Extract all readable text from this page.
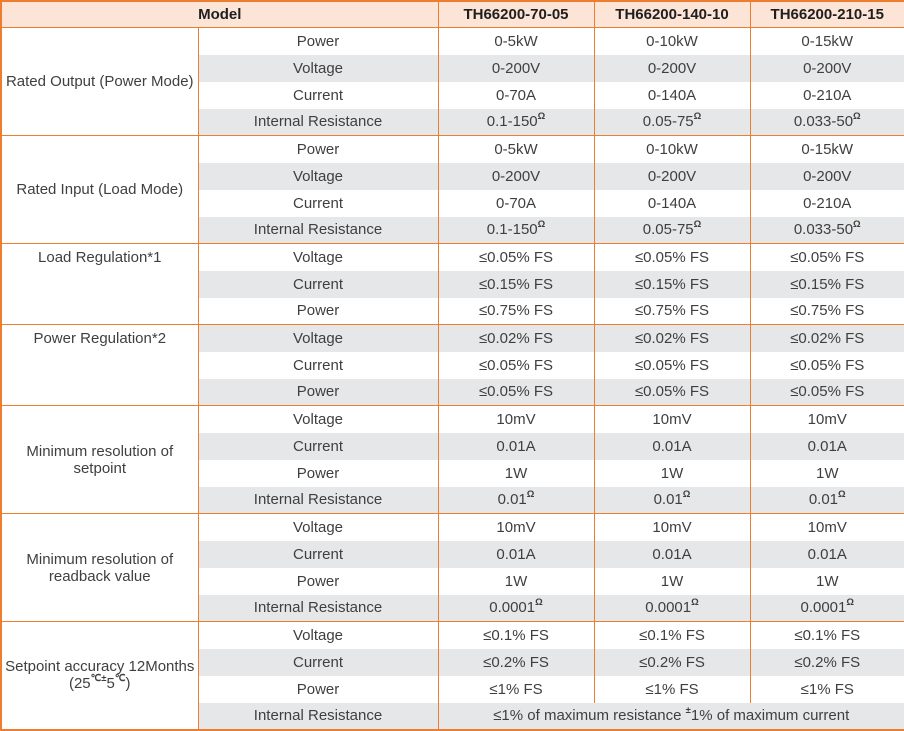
Model		TH66200-70-05	TH66200-140-10	TH66200-210-15
Rated Output (Power Mode)	Power	0-5kW	0-10kW	0-15kW
	Voltage	0-200V	0-200V	0-200V
	Current	0-70A	0-140A	0-210A
	Internal Resistance	$0.1-150^\Omega$	$0.05-75^\Omega$	$0.033-50^\Omega$
Rated Input (Load Mode)	Power	0-5kW	0-10kW	0-15kW
	Voltage	0-200V	0-200V	0-200V
	Current	0-70A	0-140A	0-210A
	Internal Resistance	$0.1-150^\Omega$	$0.05-75^\Omega$	$0.033-50^\Omega$
Load Regulation*1	Voltage	≤0.05% FS	≤0.05% FS	≤0.05% FS
	Current	≤0.15% FS	≤0.15% FS	≤0.15% FS
	Power	≤0.75% FS	≤0.75% FS	≤0.75% FS
Power Regulation*2	Voltage	≤0.02% FS	≤0.02% FS	≤0.02% FS
	Current	≤0.05% FS	≤0.05% FS	≤0.05% FS
	Power	≤0.05% FS	≤0.05% FS	≤0.05% FS
Minimum resolution of setpoint	Voltage	10mV	10mV	10mV
	Current	0.01A	0.01A	0.01A
	Power	1W	1W	1W
	Internal Resistance	$0.01^\Omega$	$0.01^\Omega$	$0.01^\Omega$
Minimum resolution of readback value	Voltage	10mV	10mV	10mV
	Current	0.01A	0.01A	0.01A
	Power	1W	1W	1W
	Internal Resistance	$0.0001^\Omega$	$0.0001^\Omega$	$0.0001^\Omega$

Setpoint accuracy 12Months
(25℃±5℃)	Voltage	≤0.1% FS	≤0.1% FS	≤0.1% FS
	Current	≤0.2% FS	≤0.2% FS	≤0.2% FS
	Power	≤1% FS	≤1% FS	≤1% FS
	Internal Resistance	≤1% of maximum resistance ±1% of maximum current		
